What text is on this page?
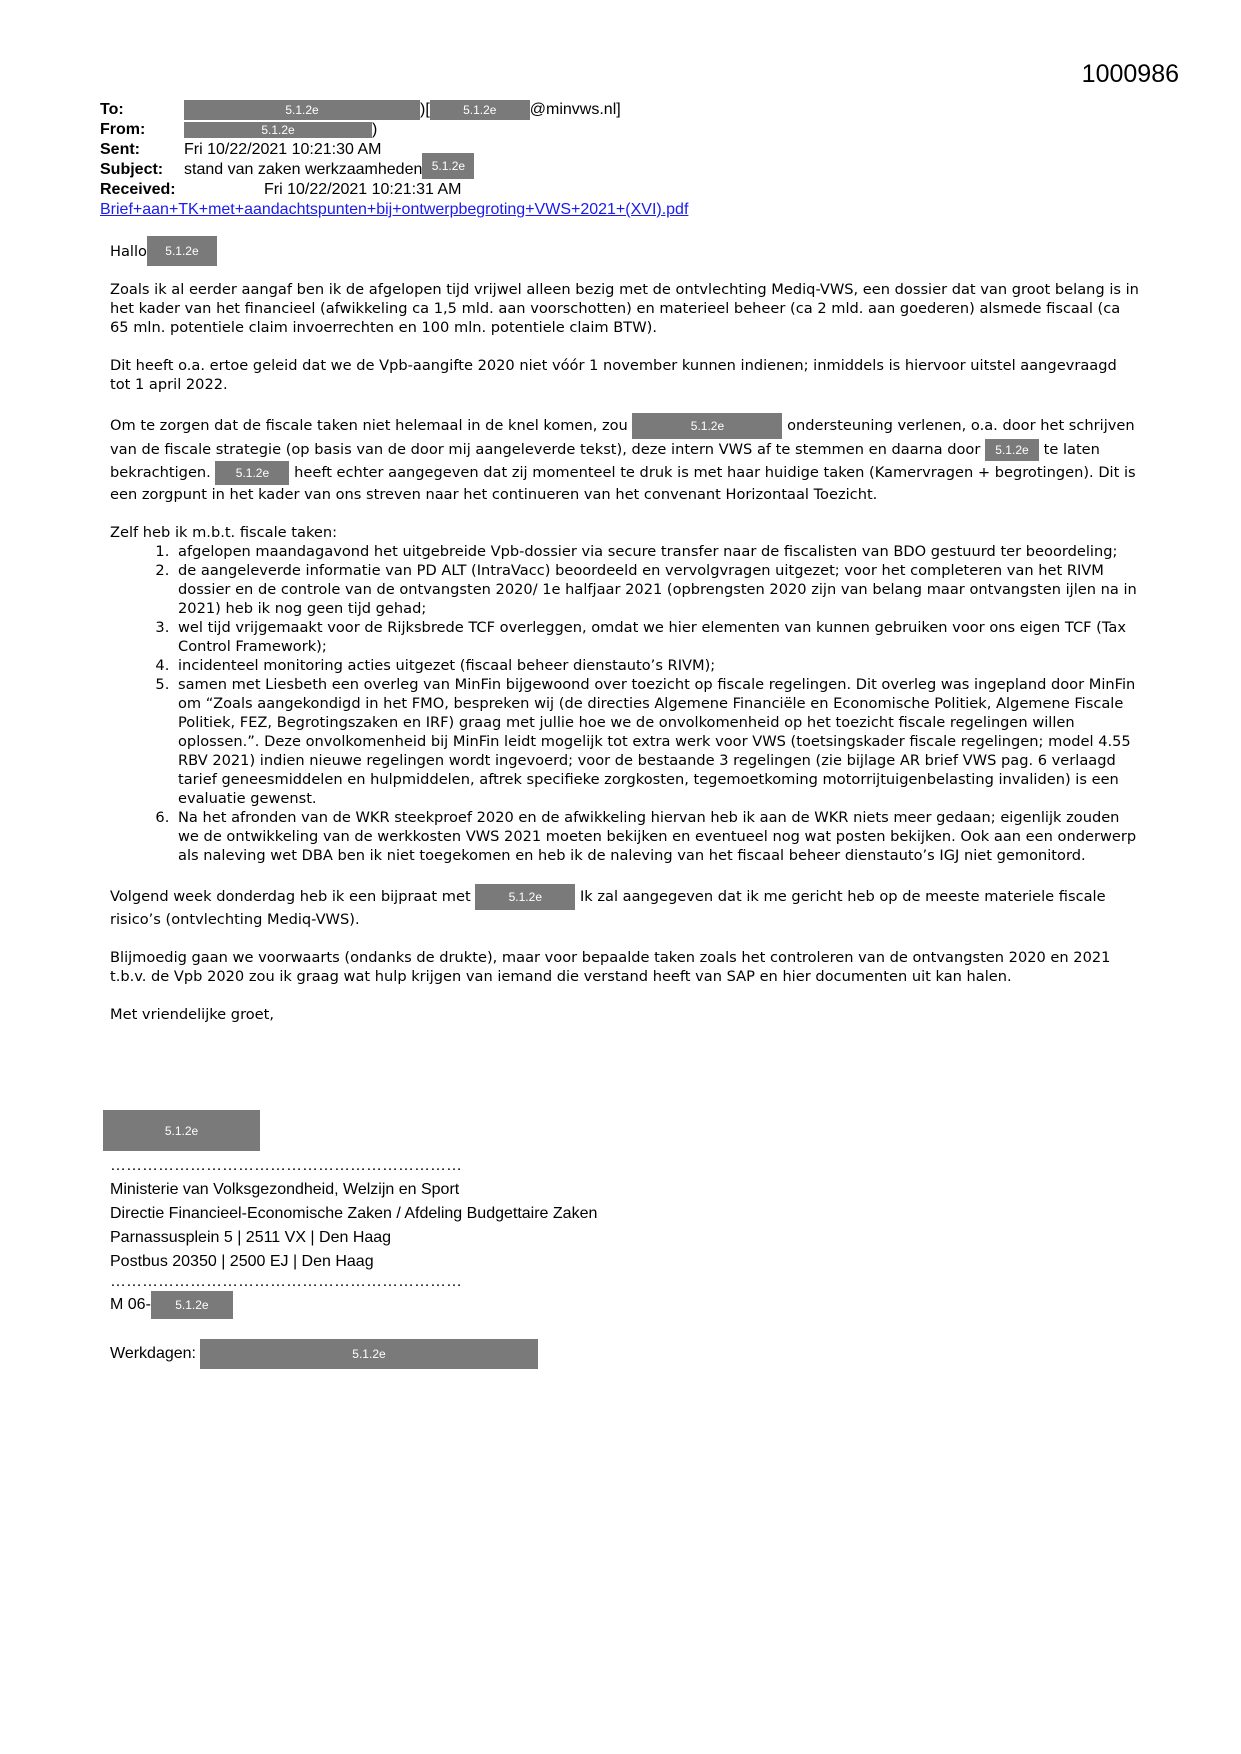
1000986
To:	5.1.2e	)[	5.1.2e	@minvws.nl]
From:	5.1.2e	)
Sent:	Fri 10/22/2021 10:21:30 AM
Subject:	stand van zaken werkzaamheden 5.1.2e
Received:	Fri 10/22/2021 10:21:31 AM
Brief+aan+TK+met+aandachtspunten+bij+ontwerpbegroting+VWS+2021+(XVI).pdf

Hallo	5.1.2e

Zoals ik al eerder aangaf ben ik de afgelopen tijd vrijwel alleen bezig met de ontvlechting Mediq-VWS, een dossier dat van groot belang is in het kader van het financieel (afwikkeling ca 1,5 mld. aan voorschotten) en materieel beheer (ca 2 mld. aan goederen) alsmede fiscaal (ca 65 mln. potentiele claim invoerrechten en 100 mln. potentiele claim BTW).

Dit heeft o.a. ertoe geleid dat we de Vpb-aangifte 2020 niet vóór 1 november kunnen indienen; inmiddels is hiervoor uitstel aangevraagd tot 1 april 2022.

Om te zorgen dat de fiscale taken niet helemaal in de knel komen, zou	5.1.2e	ondersteuning verlenen, o.a. door het schrijven van de fiscale strategie (op basis van de door mij aangeleverde tekst), deze intern VWS af te stemmen en daarna door 5.1.2e te laten bekrachtigen. 5.1.2e heeft echter aangegeven dat zij momenteel te druk is met haar huidige taken (Kamervragen + begrotingen). Dit is een zorgpunt in het kader van ons streven naar het continueren van het convenant Horizontaal Toezicht.

Zelf heb ik m.b.t. fiscale taken:
1. afgelopen maandagavond het uitgebreide Vpb-dossier via secure transfer naar de fiscalisten van BDO gestuurd ter beoordeling;
2. de aangeleverde informatie van PD ALT (IntraVacc) beoordeeld en vervolgvragen uitgezet; voor het completeren van het RIVM dossier en de controle van de ontvangsten 2020/ 1e halfjaar 2021 (opbrengsten 2020 zijn van belang maar ontvangsten ijlen na in 2021) heb ik nog geen tijd gehad;
3. wel tijd vrijgemaakt voor de Rijksbrede TCF overleggen, omdat we hier elementen van kunnen gebruiken voor ons eigen TCF (Tax Control Framework);
4. incidenteel monitoring acties uitgezet (fiscaal beheer dienstauto’s RIVM);
5. samen met Liesbeth een overleg van MinFin bijgewoond over toezicht op fiscale regelingen. Dit overleg was ingepland door MinFin om “Zoals aangekondigd in het FMO, bespreken wij (de directies Algemene Financiële en Economische Politiek, Algemene Fiscale Politiek, FEZ, Begrotingszaken en IRF) graag met jullie hoe we de onvolkomenheid op het toezicht fiscale regelingen willen oplossen.”. Deze onvolkomenheid bij MinFin leidt mogelijk tot extra werk voor VWS (toetsingskader fiscale regelingen; model 4.55 RBV 2021) indien nieuwe regelingen wordt ingevoerd; voor de bestaande 3 regelingen (zie bijlage AR brief VWS pag. 6 verlaagd tarief geneesmiddelen en hulpmiddelen, aftrek specifieke zorgkosten, tegemoetkoming motorrijtuigenbelasting invaliden) is een evaluatie gewenst.
6. Na het afronden van de WKR steekproef 2020 en de afwikkeling hiervan heb ik aan de WKR niets meer gedaan; eigenlijk zouden we de ontwikkeling van de werkkosten VWS 2021 moeten bekijken en eventueel nog wat posten bekijken. Ook aan een onderwerp als naleving wet DBA ben ik niet toegekomen en heb ik de naleving van het fiscaal beheer dienstauto’s IGJ niet gemonitord.

Volgend week donderdag heb ik een bijpraat met	5.1.2e	Ik zal aangegeven dat ik me gericht heb op de meeste materiele fiscale risico’s (ontvlechting Mediq-VWS).

Blijmoedig gaan we voorwaarts (ondanks de drukte), maar voor bepaalde taken zoals het controleren van de ontvangsten 2020 en 2021 t.b.v. de Vpb 2020 zou ik graag wat hulp krijgen van iemand die verstand heeft van SAP en hier documenten uit kan halen.

Met vriendelijke groet,

5.1.2e
…………………………………………………………
Ministerie van Volksgezondheid, Welzijn en Sport
Directie Financieel-Economische Zaken / Afdeling Budgettaire Zaken
Parnassusplein 5 | 2511 VX | Den Haag
Postbus 20350 | 2500 EJ | Den Haag
…………………………………………………………
M 06-	5.1.2e
Werkdagen:	5.1.2e
